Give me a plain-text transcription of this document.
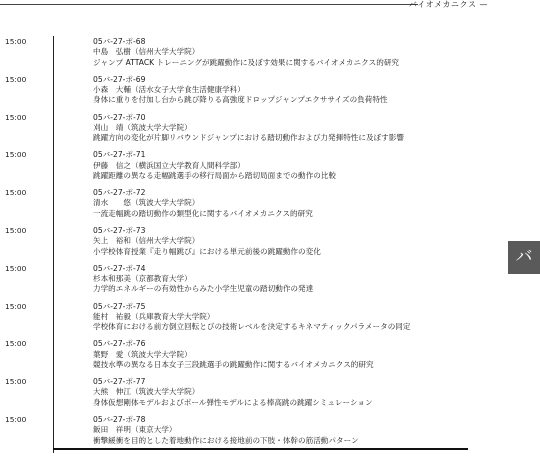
バイオメカニクス —
15:00	05バ-27-ポ-68
中島　弘樹（信州大学大学院）
ジャンプ ATTACK トレーニングが跳躍動作に及ぼす効果に関するバイオメカニクス的研究
15:00	05バ-27-ポ-69
小森　大輔（活水女子大学食生活健康学科）
身体に重りを付加し台から跳び降りる高強度ドロップジャンプエクササイズの負荷特性
15:00	05バ-27-ポ-70
刈山　靖（筑波大学大学院）
跳躍方向の変化が片脚リバウンドジャンプにおける踏切動作および力発揮特性に及ぼす影響
15:00	05バ-27-ポ-71
伊藤　信之（横浜国立大学教育人間科学部）
跳躍距離の異なる走幅跳選手の移行局面から踏切局面までの動作の比較
15:00	05バ-27-ポ-72
清水　　悠（筑波大学大学院）
一流走幅跳の踏切動作の類型化に関するバイオメカニクス的研究
15:00	05バ-27-ポ-73
矢上　裕和（信州大学大学院）
小学校体育授業『走り幅跳び』における単元前後の跳躍動作の変化
15:00	05バ-27-ポ-74
杉本和那美（京都教育大学）
力学的エネルギーの有効性からみた小学生児童の踏切動作の発達
15:00	05バ-27-ポ-75
能村　祐毅（兵庫教育大学大学院）
学校体育における前方倒立回転とびの技術レベルを決定するキネマティックパラメータの同定
15:00	05バ-27-ポ-76
葉野　愛（筑波大学大学院）
競技水準の異なる日本女子三段跳選手の跳躍動作に関するバイオメカニクス的研究
15:00	05バ-27-ポ-77
大熊　伸江（筑波大学大学院）
身体仮想剛体モデルおよびポール弾性モデルによる棒高跳の跳躍シミュレーション
15:00	05バ-27-ポ-78
飯田　祥明（東京大学）
衝撃緩衝を目的とした着地動作における接地前の下肢・体幹の筋活動パターン
バ
